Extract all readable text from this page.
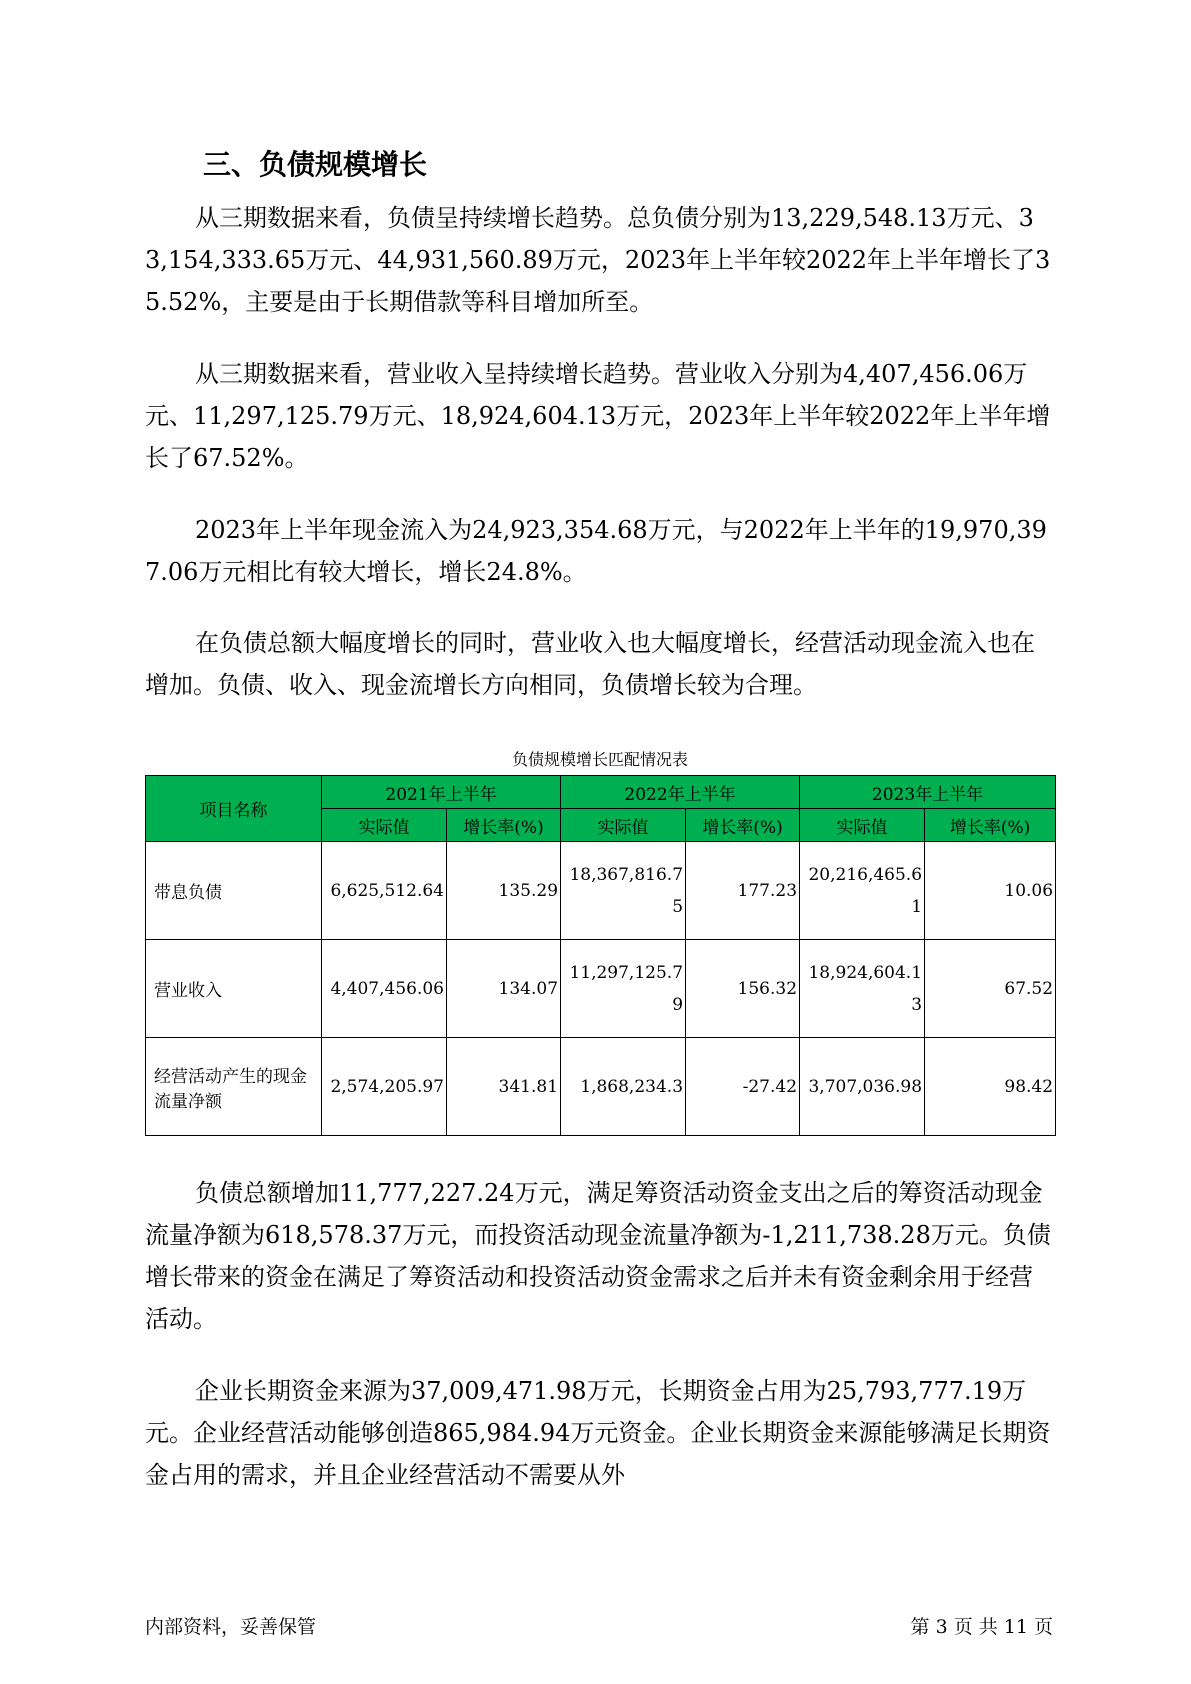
三、负债规模增长

从三期数据来看，负债呈持续增长趋势。总负债分别为13,229,548.13万元、33,154,333.65万元、44,931,560.89万元，2023年上半年较2022年上半年增长了35.52%，主要是由于长期借款等科目增加所至。

从三期数据来看，营业收入呈持续增长趋势。营业收入分别为4,407,456.06万元、11,297,125.79万元、18,924,604.13万元，2023年上半年较2022年上半年增长了67.52%。

2023年上半年现金流入为24,923,354.68万元，与2022年上半年的19,970,397.06万元相比有较大增长，增长24.8%。

在负债总额大幅度增长的同时，营业收入也大幅度增长，经营活动现金流入也在增加。负债、收入、现金流增长方向相同，负债增长较为合理。

负债规模增长匹配情况表
项目名称	2021年上半年		2022年上半年		2023年上半年	
	实际值	增长率(%)	实际值	增长率(%)	实际值	增长率(%)
带息负债	6,625,512.64	135.29	18,367,816.75	177.23	20,216,465.61	10.06
营业收入	4,407,456.06	134.07	11,297,125.79	156.32	18,924,604.13	67.52
经营活动产生的现金流量净额	2,574,205.97	341.81	1,868,234.3	-27.42	3,707,036.98	98.42

负债总额增加11,777,227.24万元，满足筹资活动资金支出之后的筹资活动现金流量净额为618,578.37万元，而投资活动现金流量净额为-1,211,738.28万元。负债增长带来的资金在满足了筹资活动和投资活动资金需求之后并未有资金剩余用于经营活动。

企业长期资金来源为37,009,471.98万元，长期资金占用为25,793,777.19万元。企业经营活动能够创造865,984.94万元资金。企业长期资金来源能够满足长期资金占用的需求，并且企业经营活动不需要从外

内部资料，妥善保管	第 3 页 共 11 页
